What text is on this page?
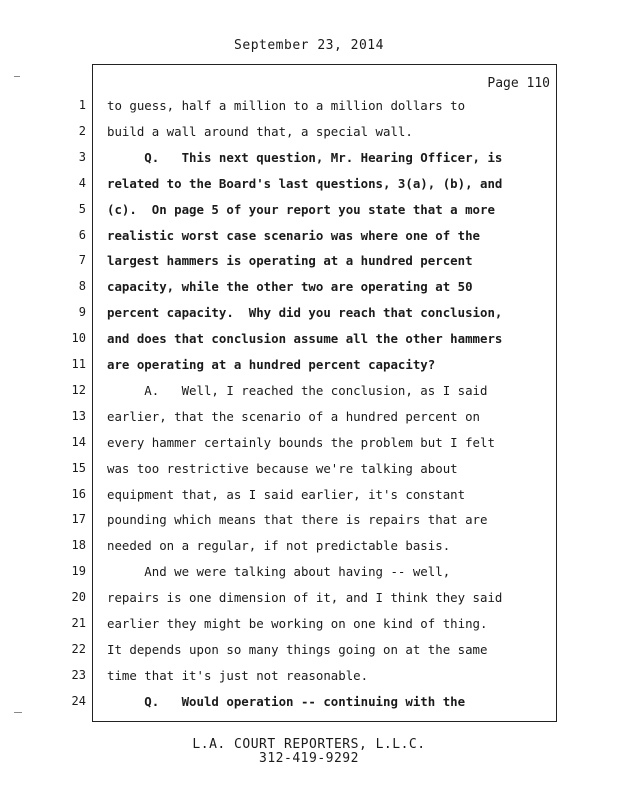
September 23, 2014
Page 110
1 to guess, half a million to a million dollars to
2 build a wall around that, a special wall.
3 Q.   This next question, Mr. Hearing Officer, is
4 related to the Board's last questions, 3(a), (b), and
5 (c).  On page 5 of your report you state that a more
6 realistic worst case scenario was where one of the
7 largest hammers is operating at a hundred percent
8 capacity, while the other two are operating at 50
9 percent capacity.  Why did you reach that conclusion,
10 and does that conclusion assume all the other hammers
11 are operating at a hundred percent capacity?
12 A.   Well, I reached the conclusion, as I said
13 earlier, that the scenario of a hundred percent on
14 every hammer certainly bounds the problem but I felt
15 was too restrictive because we're talking about
16 equipment that, as I said earlier, it's constant
17 pounding which means that there is repairs that are
18 needed on a regular, if not predictable basis.
19 And we were talking about having -- well,
20 repairs is one dimension of it, and I think they said
21 earlier they might be working on one kind of thing.
22 It depends upon so many things going on at the same
23 time that it's just not reasonable.
24 Q.   Would operation -- continuing with the
L.A. COURT REPORTERS, L.L.C.
312-419-9292
